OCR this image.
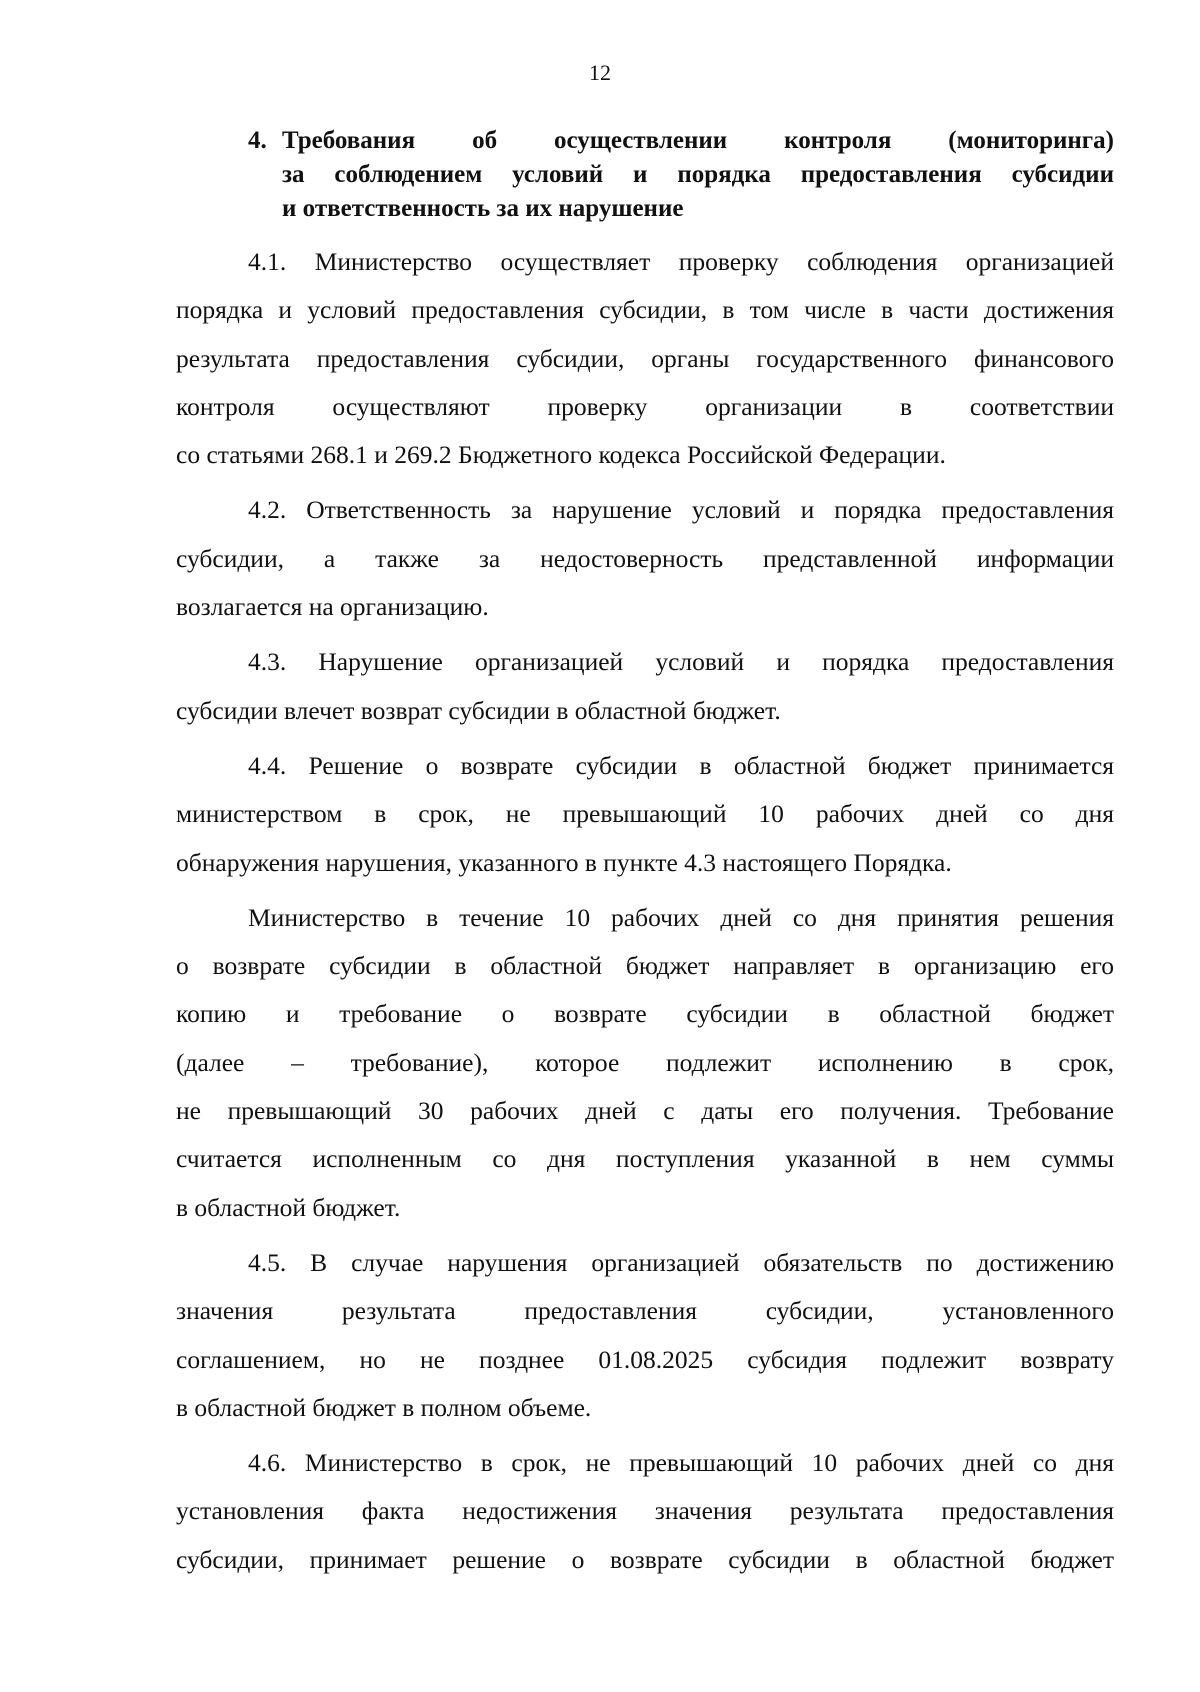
12
4. Требования об осуществлении контроля (мониторинга)
за соблюдением условий и порядка предоставления субсидии
и ответственность за их нарушение
4.1. Министерство осуществляет проверку соблюдения организацией
порядка и условий предоставления субсидии, в том числе в части достижения
результата предоставления субсидии, органы государственного финансового
контроля осуществляют проверку организации в соответствии
со статьями 268.1 и 269.2 Бюджетного кодекса Российской Федерации.
4.2. Ответственность за нарушение условий и порядка предоставления
субсидии, а также за недостоверность представленной информации
возлагается на организацию.
4.3. Нарушение организацией условий и порядка предоставления
субсидии влечет возврат субсидии в областной бюджет.
4.4. Решение о возврате субсидии в областной бюджет принимается
министерством в срок, не превышающий 10 рабочих дней со дня
обнаружения нарушения, указанного в пункте 4.3 настоящего Порядка.
Министерство в течение 10 рабочих дней со дня принятия решения
о возврате субсидии в областной бюджет направляет в организацию его
копию и требование о возврате субсидии в областной бюджет
(далее – требование), которое подлежит исполнению в срок,
не превышающий 30 рабочих дней с даты его получения. Требование
считается исполненным со дня поступления указанной в нем суммы
в областной бюджет.
4.5. В случае нарушения организацией обязательств по достижению
значения результата предоставления субсидии, установленного
соглашением, но не позднее 01.08.2025 субсидия подлежит возврату
в областной бюджет в полном объеме.
4.6. Министерство в срок, не превышающий 10 рабочих дней со дня
установления факта недостижения значения результата предоставления
субсидии, принимает решение о возврате субсидии в областной бюджет
